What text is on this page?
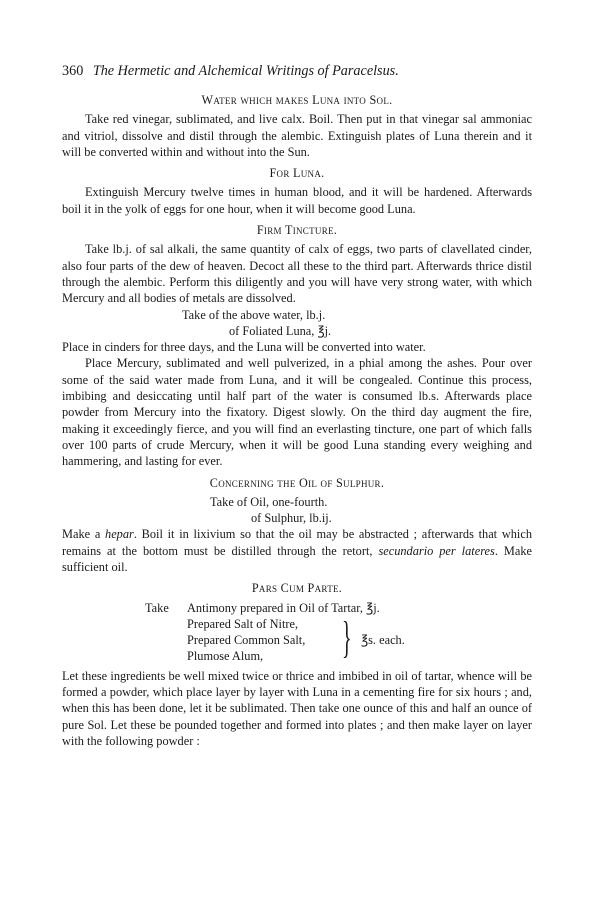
360 The Hermetic and Alchemical Writings of Paracelsus.
Water which makes Luna into Sol.

Take red vinegar, sublimated, and live calx. Boil. Then put in that vinegar sal ammoniac and vitriol, dissolve and distil through the alembic. Extinguish plates of Luna therein and it will be converted within and without into the Sun.

For Luna.

Extinguish Mercury twelve times in human blood, and it will be hardened. Afterwards boil it in the yolk of eggs for one hour, when it will become good Luna.

Firm Tincture.

Take lb.j. of sal alkali, the same quantity of calx of eggs, two parts of clavellated cinder, also four parts of the dew of heaven. Decoct all these to the third part. Afterwards thrice distil through the alembic. Perform this diligently and you will have very strong water, with which Mercury and all bodies of metals are dissolved.

Take of the above water, lb.j.
of Foliated Luna, ℥j.

Place in cinders for three days, and the Luna will be converted into water.

Place Mercury, sublimated and well pulverized, in a phial among the ashes. Pour over some of the said water made from Luna, and it will be congealed. Continue this process, imbibing and desiccating until half part of the water is consumed lb.s. Afterwards place powder from Mercury into the fixatory. Digest slowly. On the third day augment the fire, making it exceedingly fierce, and you will find an everlasting tincture, one part of which falls over 100 parts of crude Mercury, when it will be good Luna standing every weighing and hammering, and lasting for ever.

Concerning the Oil of Sulphur.
Take of Oil, one-fourth.
of Sulphur, lb.ij.

Make a hepar. Boil it in lixivium so that the oil may be abstracted ; afterwards that which remains at the bottom must be distilled through the retort, secundario per lateres. Make sufficient oil.

Pars Cum Parte.
Take Antimony prepared in Oil of Tartar, ℥j.
Prepared Salt of Nitre,
Prepared Common Salt,
Plumose Alum, } ℥s. each.

Let these ingredients be well mixed twice or thrice and imbibed in oil of tartar, whence will be formed a powder, which place layer by layer with Luna in a cementing fire for six hours ; and, when this has been done, let it be sublimated. Then take one ounce of this and half an ounce of pure Sol. Let these be pounded together and formed into plates ; and then make layer on layer with the following powder :
